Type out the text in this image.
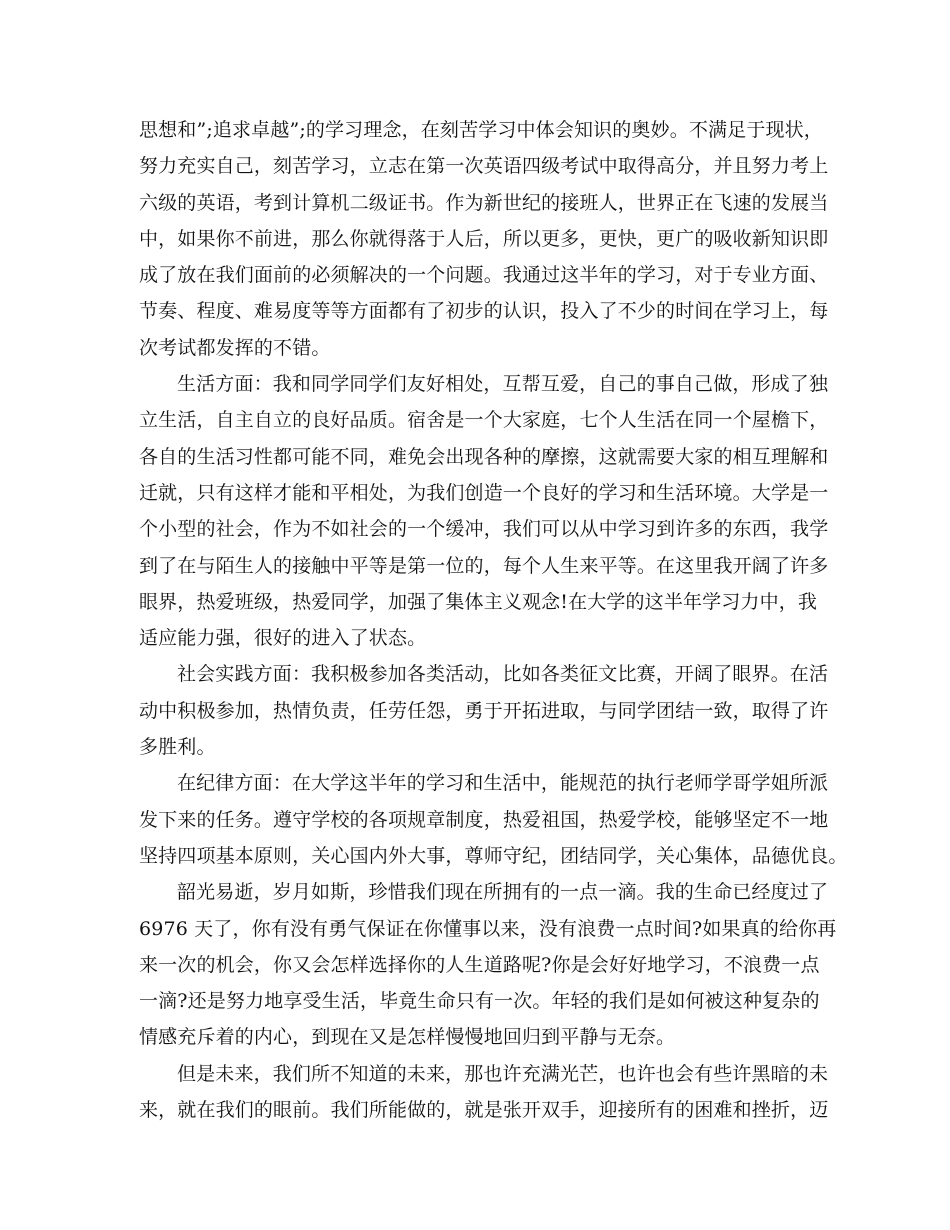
思想和”;追求卓越”;的学习理念，在刻苦学习中体会知识的奥妙。不满足于现状，
努力充实自己，刻苦学习，立志在第一次英语四级考试中取得高分，并且努力考上
六级的英语，考到计算机二级证书。作为新世纪的接班人，世界正在飞速的发展当
中，如果你不前进，那么你就得落于人后，所以更多，更快，更广的吸收新知识即
成了放在我们面前的必须解决的一个问题。我通过这半年的学习，对于专业方面、
节奏、程度、难易度等等方面都有了初步的认识，投入了不少的时间在学习上，每
次考试都发挥的不错。
生活方面：我和同学同学们友好相处，互帮互爱，自己的事自己做，形成了独
立生活，自主自立的良好品质。宿舍是一个大家庭，七个人生活在同一个屋檐下，
各自的生活习性都可能不同，难免会出现各种的摩擦，这就需要大家的相互理解和
迁就，只有这样才能和平相处，为我们创造一个良好的学习和生活环境。大学是一
个小型的社会，作为不如社会的一个缓冲，我们可以从中学习到许多的东西，我学
到了在与陌生人的接触中平等是第一位的，每个人生来平等。在这里我开阔了许多
眼界，热爱班级，热爱同学，加强了集体主义观念!在大学的这半年学习力中，我
适应能力强，很好的进入了状态。
社会实践方面：我积极参加各类活动，比如各类征文比赛，开阔了眼界。在活
动中积极参加，热情负责，任劳任怨，勇于开拓进取，与同学团结一致，取得了许
多胜利。
在纪律方面：在大学这半年的学习和生活中，能规范的执行老师学哥学姐所派
发下来的任务。遵守学校的各项规章制度，热爱祖国，热爱学校，能够坚定不一地
坚持四项基本原则，关心国内外大事，尊师守纪，团结同学，关心集体，品德优良。
韶光易逝，岁月如斯，珍惜我们现在所拥有的一点一滴。我的生命已经度过了
6976 天了，你有没有勇气保证在你懂事以来，没有浪费一点时间?如果真的给你再
来一次的机会，你又会怎样选择你的人生道路呢?你是会好好地学习，不浪费一点
一滴?还是努力地享受生活，毕竟生命只有一次。年轻的我们是如何被这种复杂的
情感充斥着的内心，到现在又是怎样慢慢地回归到平静与无奈。
但是未来，我们所不知道的未来，那也许充满光芒，也许也会有些许黑暗的未
来，就在我们的眼前。我们所能做的，就是张开双手，迎接所有的困难和挫折，迈
